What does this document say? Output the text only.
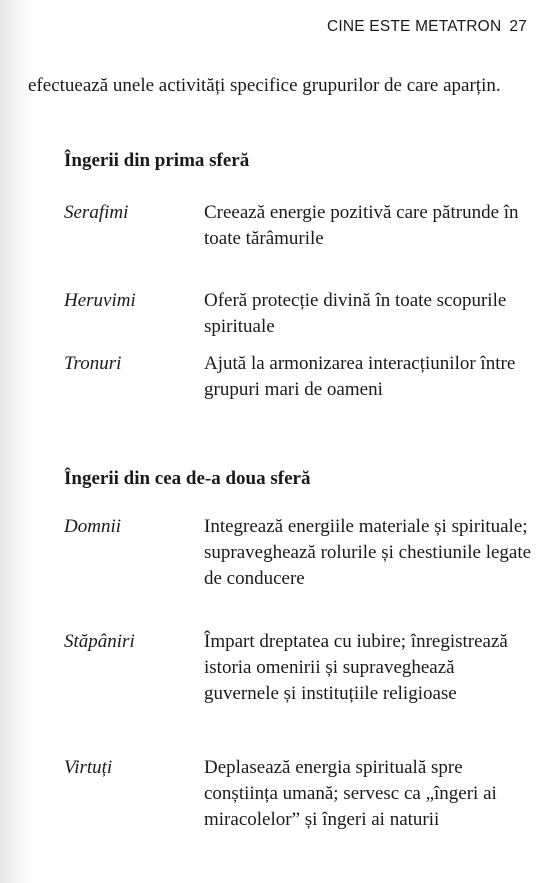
CINE ESTE METATRON 27

efectuează unele activități specifice grupurilor de care aparțin.

Îngerii din prima sferă
Serafimi	Creează energie pozitivă care pătrunde în toate tărâmurile

Heruvimi	Oferă protecție divină în toate scopurile spirituale

Tronuri	Ajută la armonizarea interacțiunilor între grupuri mari de oameni

Îngerii din cea de-a doua sferă
Domnii	Integrează energiile materiale și spirituale; supraveghează rolurile și chestiunile legate de conducere

Stăpâniri	Împart dreptatea cu iubire; înregistrează istoria omenirii și supraveghează guvernele și instituțiile religioase

Virtuți	Deplasează energia spirituală spre conștiința umană; servesc ca „îngeri ai miracolelor” și îngeri ai naturii
